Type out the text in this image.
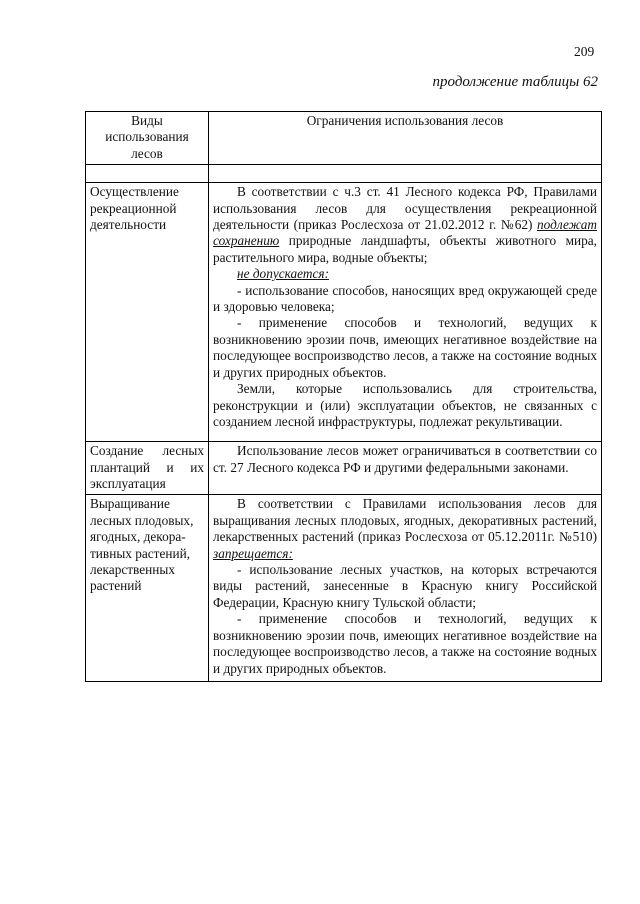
209
продолжение таблицы 62
Виды использования лесов	Ограничения использования лесов

Осуществление рекреационной деятельности	В соответствии с ч.3 ст. 41 Лесного кодекса РФ, Правилами использования лесов для осуществления рекреационной деятельности (приказ Рослесхоза от 21.02.2012 г. №62) подлежат сохранению природные ландшафты, объекты животного мира, растительного мира, водные объекты;

не допускается:

- использование способов, наносящих вред окружающей среде и здоровью человека;

- применение способов и технологий, ведущих к возникновению эрозии почв, имеющих негативное воздействие на последующее воспроизводство лесов, а также на состояние водных и других природных объектов.

Земли, которые использовались для строительства, реконструкции и (или) эксплуатации объектов, не связанных с созданием лесной инфраструктуры, подлежат рекультивации.

Создание лесных плантаций и их эксплуатация	Использование лесов может ограничиваться в соответствии со ст. 27 Лесного кодекса РФ и другими федеральными законами.

Выращивание лесных плодовых, ягодных, декора-тивных растений, лекарственных растений	В соответствии с Правилами использования лесов для выращивания лесных плодовых, ягодных, декоративных растений, лекарственных растений (приказ Рослесхоза от 05.12.2011г. №510) запрещается:

- использование лесных участков, на которых встречаются виды растений, занесенные в Красную книгу Российской Федерации, Красную книгу Тульской области;

- применение способов и технологий, ведущих к возникновению эрозии почв, имеющих негативное воздействие на последующее воспроизводство лесов, а также на состояние водных и других природных объектов.
